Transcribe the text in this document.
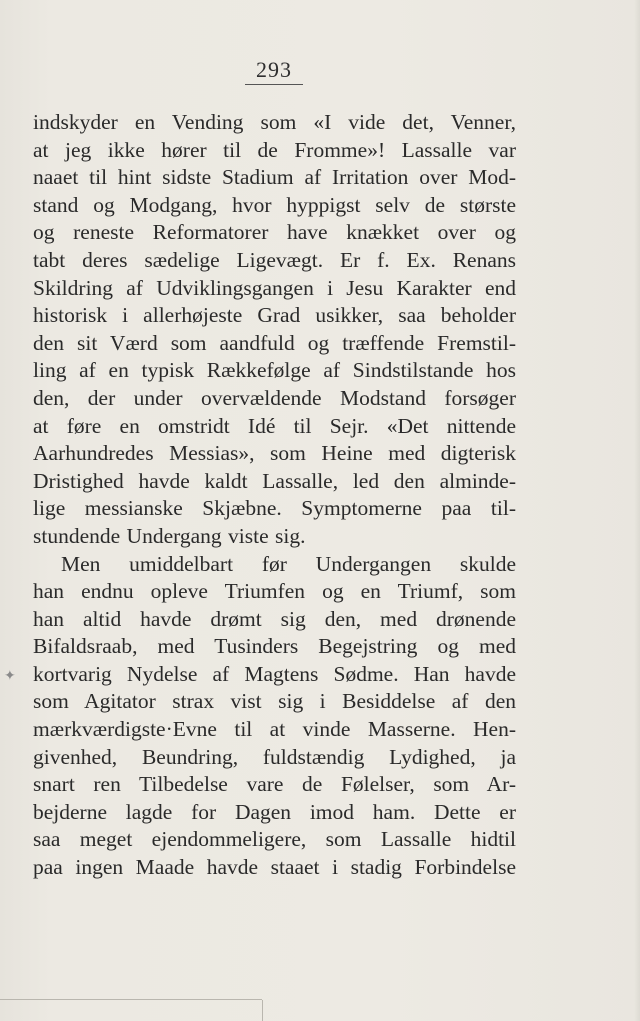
293
✦
indskyder en Vending som «I vide det, Venner,
at jeg ikke hører til de Fromme»! Lassalle var
naaet til hint sidste Stadium af Irritation over Mod-
stand og Modgang, hvor hyppigst selv de største
og reneste Reformatorer have knækket over og
tabt deres sædelige Ligevægt. Er f. Ex. Renans
Skildring af Udviklingsgangen i Jesu Karakter end
historisk i allerhøjeste Grad usikker, saa beholder
den sit Værd som aandfuld og træffende Fremstil-
ling af en typisk Rækkefølge af Sindstilstande hos
den, der under overvældende Modstand forsøger
at føre en omstridt Idé til Sejr. «Det nittende
Aarhundredes Messias», som Heine med digterisk
Dristighed havde kaldt Lassalle, led den alminde-
lige messianske Skjæbne. Symptomerne paa til-
stundende Undergang viste sig.
Men umiddelbart før Undergangen skulde
han endnu opleve Triumfen og en Triumf, som
han altid havde drømt sig den, med drønende
Bifaldsraab, med Tusinders Begejstring og med
kortvarig Nydelse af Magtens Sødme. Han havde
som Agitator strax vist sig i Besiddelse af den
mærkværdigste·Evne til at vinde Masserne. Hen-
givenhed, Beundring, fuldstændig Lydighed, ja
snart ren Tilbedelse vare de Følelser, som Ar-
bejderne lagde for Dagen imod ham. Dette er
saa meget ejendommeligere, som Lassalle hidtil
paa ingen Maade havde staaet i stadig Forbindelse
